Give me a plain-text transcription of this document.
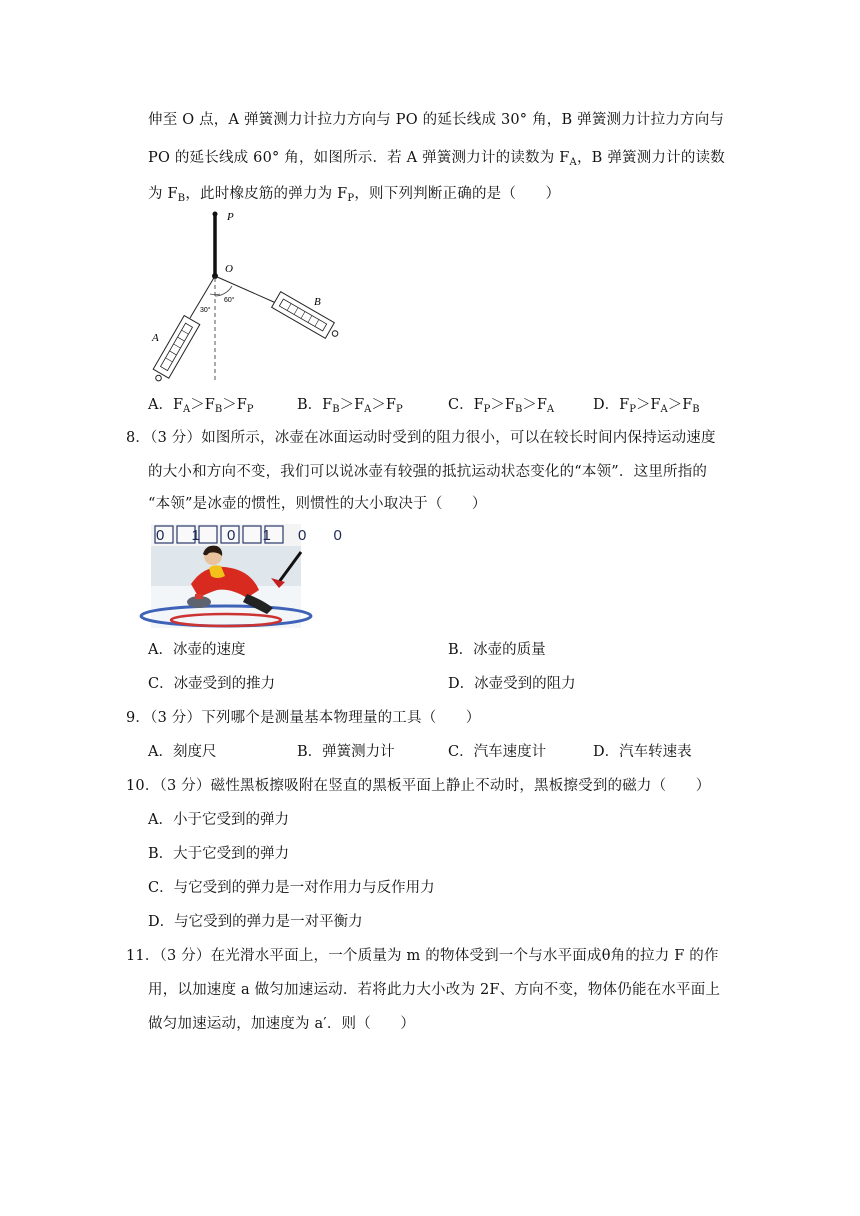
伸至 O 点，A 弹簧测力计拉力方向与 PO 的延长线成 30° 角，B 弹簧测力计拉力方向与
PO 的延长线成 60° 角，如图所示．若 A 弹簧测力计的读数为 $F_A$，B 弹簧测力计的读数
为 $F_B$，此时橡皮筋的弹力为 $F_P$，则下列判断正确的是（　　）
P
O
A
B
30°
60°
A．$F_A>F_B>F_P$	B．$F_B>F_A>F_P$	C．$F_P>F_B>F_A$	D．$F_P>F_A>F_B$
8．（3 分）如图所示，冰壶在冰面运动时受到的阻力很小，可以在较长时间内保持运动速度
的大小和方向不变，我们可以说冰壶有较强的抵抗运动状态变化的“本领”．这里所指的
“本领”是冰壶的惯性，则惯性的大小取决于（　　）
0 1 0 1 0 0
A．冰壶的速度	B．冰壶的质量
C．冰壶受到的推力	D．冰壶受到的阻力
9．（3 分）下列哪个是测量基本物理量的工具（　　）
A．刻度尺	B．弹簧测力计	C．汽车速度计	D．汽车转速表
10．（3 分）磁性黑板擦吸附在竖直的黑板平面上静止不动时，黑板擦受到的磁力（　　）
A．小于它受到的弹力
B．大于它受到的弹力
C．与它受到的弹力是一对作用力与反作用力
D．与它受到的弹力是一对平衡力
11．（3 分）在光滑水平面上，一个质量为 m 的物体受到一个与水平面成θ角的拉力 F 的作
用，以加速度 a 做匀加速运动．若将此力大小改为 2F、方向不变，物体仍能在水平面上
做匀加速运动，加速度为 a′．则（　　）
